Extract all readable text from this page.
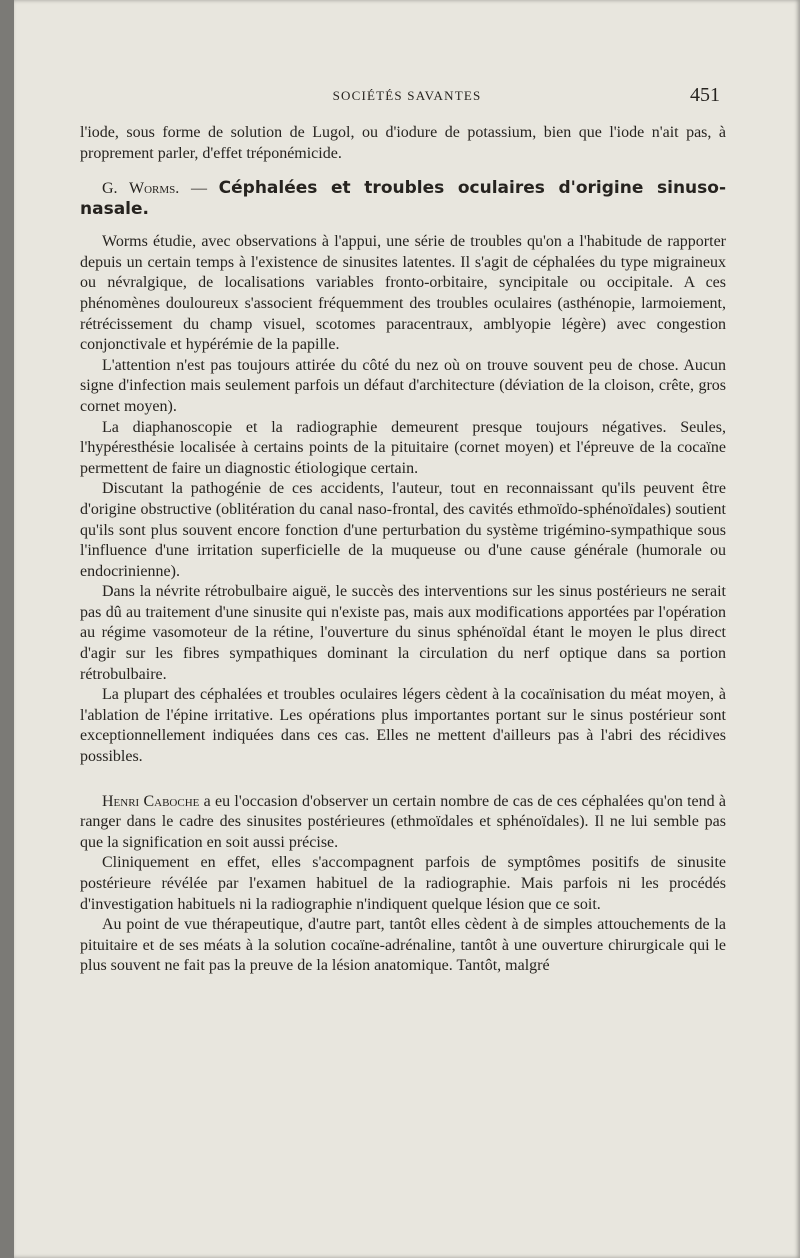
SOCIÉTÉS SAVANTES	451

l'iode, sous forme de solution de Lugol, ou d'iodure de potassium, bien que l'iode n'ait pas, à proprement parler, d'effet tréponémicide.

G. Worms. — Céphalées et troubles oculaires d'origine sinuso-nasale.

Worms étudie, avec observations à l'appui, une série de troubles qu'on a l'habitude de rapporter depuis un certain temps à l'existence de sinusites latentes. Il s'agit de céphalées du type migraineux ou névralgique, de localisations variables fronto-orbitaire, syncipitale ou occipitale. A ces phénomènes douloureux s'associent fréquemment des troubles oculaires (asthénopie, larmoiement, rétrécissement du champ visuel, scotomes paracentraux, amblyopie légère) avec congestion conjonctivale et hypérémie de la papille.

L'attention n'est pas toujours attirée du côté du nez où on trouve souvent peu de chose. Aucun signe d'infection mais seulement parfois un défaut d'architecture (déviation de la cloison, crête, gros cornet moyen).

La diaphanoscopie et la radiographie demeurent presque toujours négatives. Seules, l'hypéresthésie localisée à certains points de la pituitaire (cornet moyen) et l'épreuve de la cocaïne permettent de faire un diagnostic étiologique certain.

Discutant la pathogénie de ces accidents, l'auteur, tout en reconnaissant qu'ils peuvent être d'origine obstructive (oblitération du canal naso-frontal, des cavités ethmoïdo-sphénoïdales) soutient qu'ils sont plus souvent encore fonction d'une perturbation du système trigémino-sympathique sous l'influence d'une irritation superficielle de la muqueuse ou d'une cause générale (humorale ou endocrinienne).

Dans la névrite rétrobulbaire aiguë, le succès des interventions sur les sinus postérieurs ne serait pas dû au traitement d'une sinusite qui n'existe pas, mais aux modifications apportées par l'opération au régime vasomoteur de la rétine, l'ouverture du sinus sphénoïdal étant le moyen le plus direct d'agir sur les fibres sympathiques dominant la circulation du nerf optique dans sa portion rétrobulbaire.

La plupart des céphalées et troubles oculaires légers cèdent à la cocaïnisation du méat moyen, à l'ablation de l'épine irritative. Les opérations plus importantes portant sur le sinus postérieur sont exceptionnellement indiquées dans ces cas. Elles ne mettent d'ailleurs pas à l'abri des récidives possibles.

Henri Caboche a eu l'occasion d'observer un certain nombre de cas de ces céphalées qu'on tend à ranger dans le cadre des sinusites postérieures (ethmoïdales et sphénoïdales). Il ne lui semble pas que la signification en soit aussi précise.

Cliniquement en effet, elles s'accompagnent parfois de symptômes positifs de sinusite postérieure révélée par l'examen habituel de la radiographie. Mais parfois ni les procédés d'investigation habituels ni la radiographie n'indiquent quelque lésion que ce soit.

Au point de vue thérapeutique, d'autre part, tantôt elles cèdent à de simples attouchements de la pituitaire et de ses méats à la solution cocaïne-adrénaline, tantôt à une ouverture chirurgicale qui le plus souvent ne fait pas la preuve de la lésion anatomique. Tantôt, malgré
